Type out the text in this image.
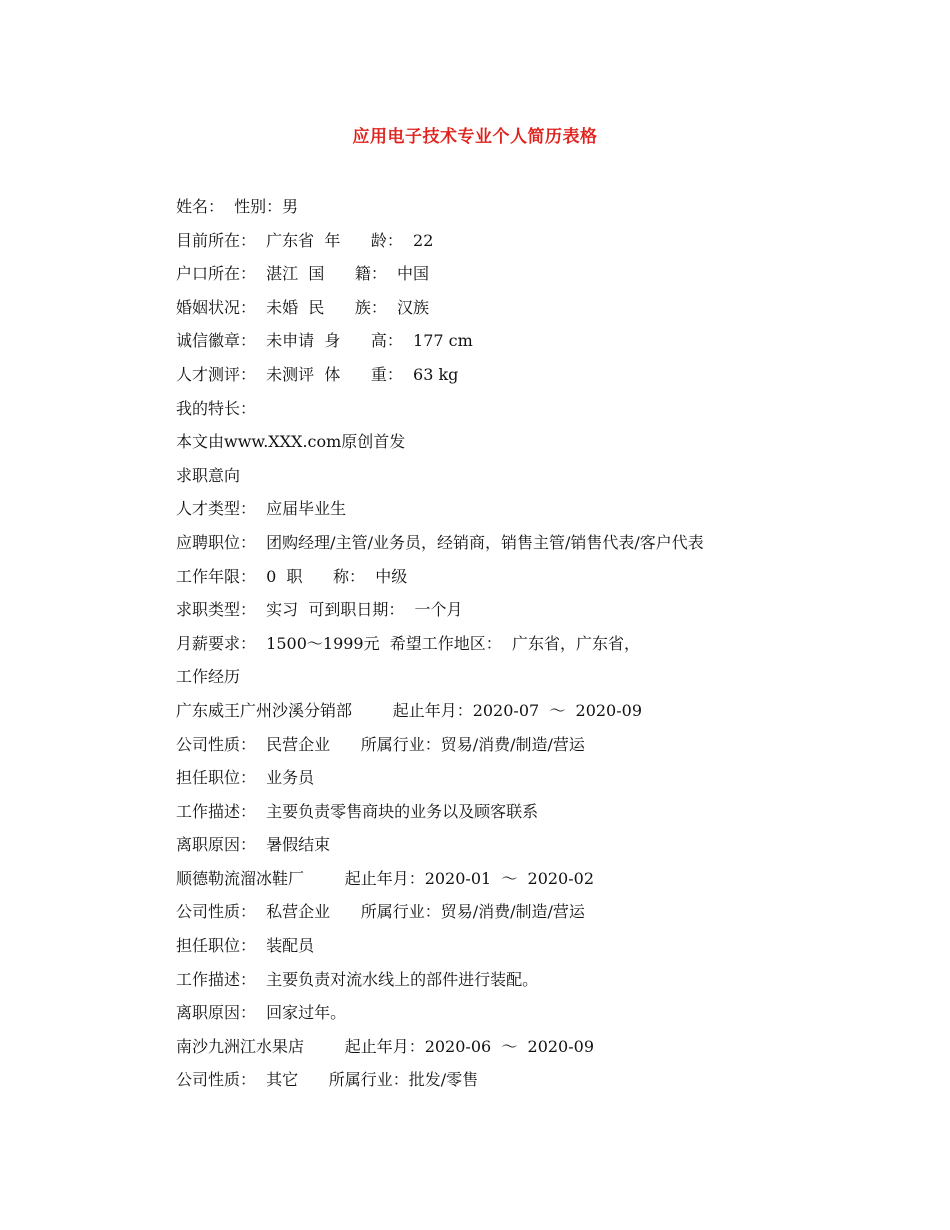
应用电子技术专业个人简历表格
姓名：  性别：男
目前所在：  广东省  年      龄：  22
户口所在：  湛江  国      籍：  中国
婚姻状况：  未婚  民      族：  汉族
诚信徽章：  未申请  身      高：  177 cm
人才测评：  未测评  体      重：  63 kg
我的特长：
本文由www.XXX.com原创首发
求职意向
人才类型：  应届毕业生
应聘职位：  团购经理/主管/业务员，经销商，销售主管/销售代表/客户代表
工作年限：  0  职      称：  中级
求职类型：  实习  可到职日期：  一个月
月薪要求：  1500～1999元  希望工作地区：  广东省，广东省，
工作经历
广东威王广州沙溪分销部        起止年月：2020-07  ～  2020-09
公司性质：  民营企业      所属行业：贸易/消费/制造/营运
担任职位：  业务员
工作描述：  主要负责零售商块的业务以及顾客联系
离职原因：  暑假结束
顺德勒流溜冰鞋厂        起止年月：2020-01  ～  2020-02
公司性质：  私营企业      所属行业：贸易/消费/制造/营运
担任职位：  装配员
工作描述：  主要负责对流水线上的部件进行装配。
离职原因：  回家过年。
南沙九洲江水果店        起止年月：2020-06  ～  2020-09
公司性质：  其它      所属行业：批发/零售
